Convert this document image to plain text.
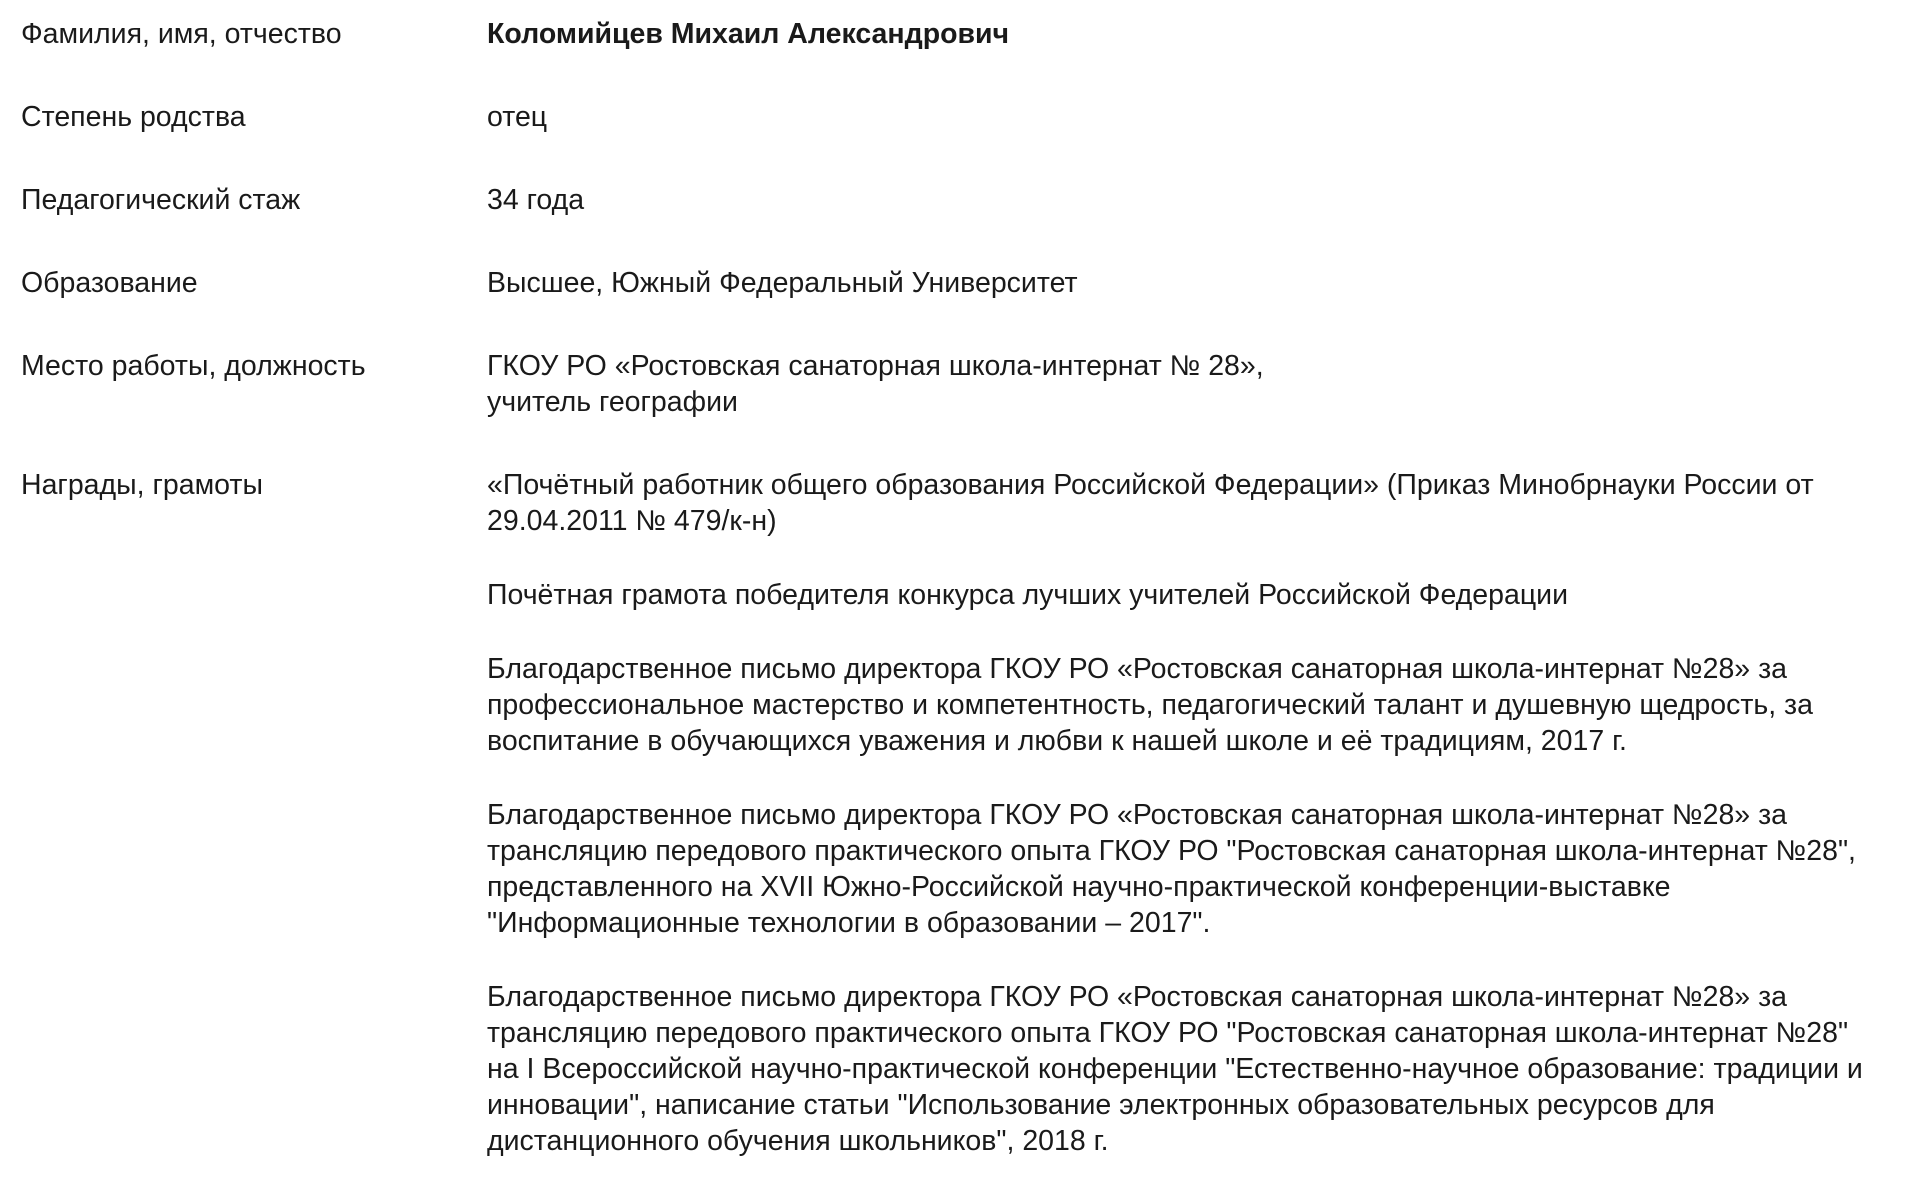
Фамилия, имя, отчество	Коломийцев Михаил Александрович
Степень родства	отец
Педагогический стаж	34 года
Образование	Высшее, Южный Федеральный Университет
Место работы, должность	ГКОУ РО «Ростовская санаторная школа-интернат № 28»,
учитель географии
Награды, грамоты	«Почётный работник общего образования Российской Федерации» (Приказ Минобрнауки России от 29.04.2011 № 479/к-н)

Почётная грамота победителя конкурса лучших учителей Российской Федерации

Благодарственное письмо директора ГКОУ РО «Ростовская санаторная школа-интернат №28» за профессиональное мастерство и компетентность, педагогический талант и душевную щедрость, за воспитание в обучающихся уважения и любви к нашей школе и её традициям, 2017 г.

Благодарственное письмо директора ГКОУ РО «Ростовская санаторная школа-интернат №28» за трансляцию передового практического опыта ГКОУ РО "Ростовская санаторная школа-интернат №28", представленного на XVII Южно-Российской научно-практической конференции-выставке "Информационные технологии в образовании – 2017".

Благодарственное письмо директора ГКОУ РО «Ростовская санаторная школа-интернат №28» за трансляцию передового практического опыта ГКОУ РО "Ростовская санаторная школа-интернат №28" на I Всероссийской научно-практической конференции "Естественно-научное образование: традиции и инновации", написание статьи "Использование электронных образовательных ресурсов для дистанционного обучения школьников", 2018 г.
